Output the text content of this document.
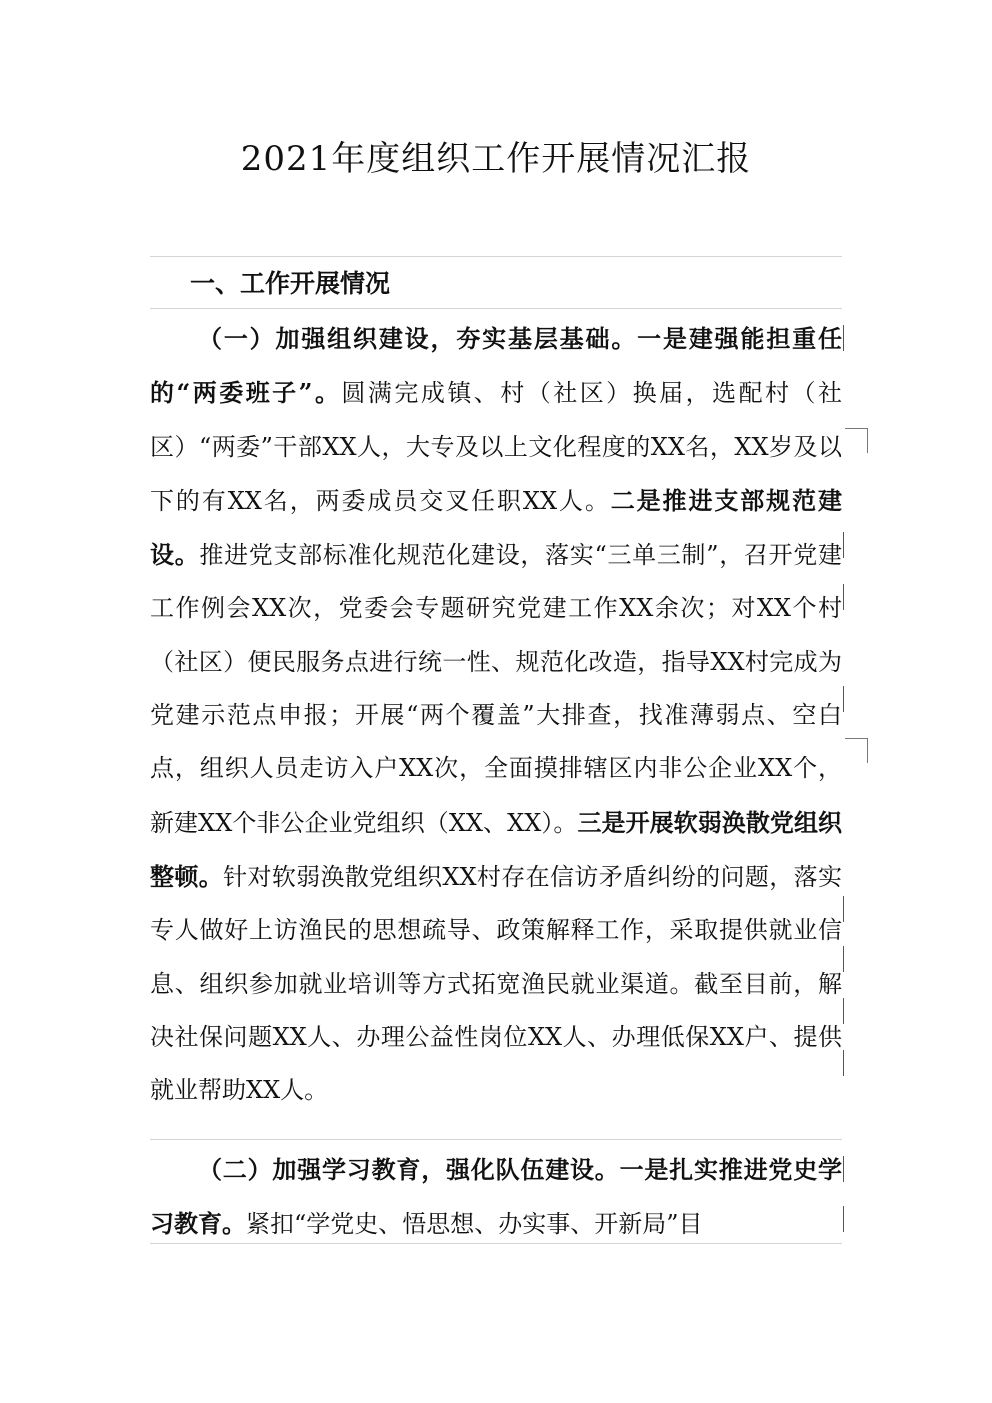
2021年度组织工作开展情况汇报
一、工作开展情况

（一）加强组织建设，夯实基层基础。一是建强能担重任的“两委班子”。圆满完成镇、村（社区）换届，选配村（社区）“两委”干部XX人，大专及以上文化程度的XX名，XX岁及以下的有XX名，两委成员交叉任职XX人。二是推进支部规范建设。推进党支部标准化规范化建设，落实“三单三制”，召开党建工作例会XX次，党委会专题研究党建工作XX余次；对XX个村（社区）便民服务点进行统一性、规范化改造，指导XX村完成为党建示范点申报；开展“两个覆盖”大排查，找准薄弱点、空白点，组织人员走访入户XX次，全面摸排辖区内非公企业XX个，新建XX个非公企业党组织（XX、XX）。三是开展软弱涣散党组织整顿。针对软弱涣散党组织XX村存在信访矛盾纠纷的问题，落实专人做好上访渔民的思想疏导、政策解释工作，采取提供就业信息、组织参加就业培训等方式拓宽渔民就业渠道。截至目前，解决社保问题XX人、办理公益性岗位XX人、办理低保XX户、提供就业帮助XX人。

（二）加强学习教育，强化队伍建设。一是扎实推进党史学习教育。紧扣“学党史、悟思想、办实事、开新局”目
